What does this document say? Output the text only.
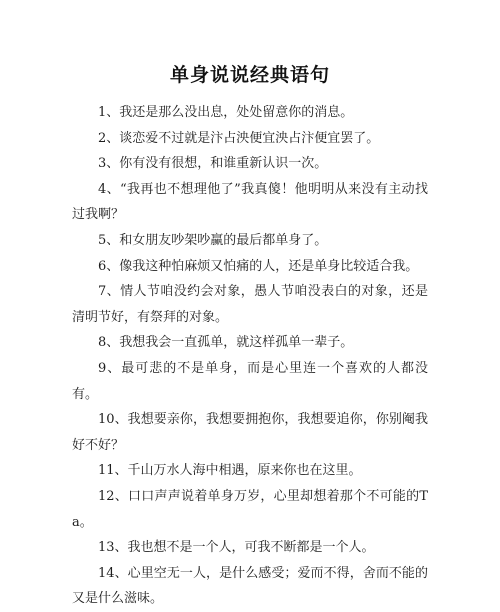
单身说说经典语句

1、我还是那么没出息，处处留意你的消息。

2、谈恋爱不过就是汴占泱便宜泱占汴便宜罢了。

3、你有没有很想，和谁重新认识一次。

4、“我再也不想理他了”我真傻！他明明从来没有主动找过我啊？

5、和女朋友吵架吵赢的最后都单身了。

6、像我这种怕麻烦又怕痛的人，还是单身比较适合我。

7、情人节咱没约会对象，愚人节咱没表白的对象，还是清明节好，有祭拜的对象。

8、我想我会一直孤单，就这样孤单一辈子。

9、最可悲的不是单身，而是心里连一个喜欢的人都没有。

10、我想要亲你，我想要拥抱你，我想要追你，你别阉我好不好？

11、千山万水人海中相遇，原来你也在这里。

12、口口声声说着单身万岁，心里却想着那个不可能的Ta。

13、我也想不是一个人，可我不断都是一个人。

14、心里空无一人，是什么感受；爱而不得，舍而不能的又是什么滋味。
